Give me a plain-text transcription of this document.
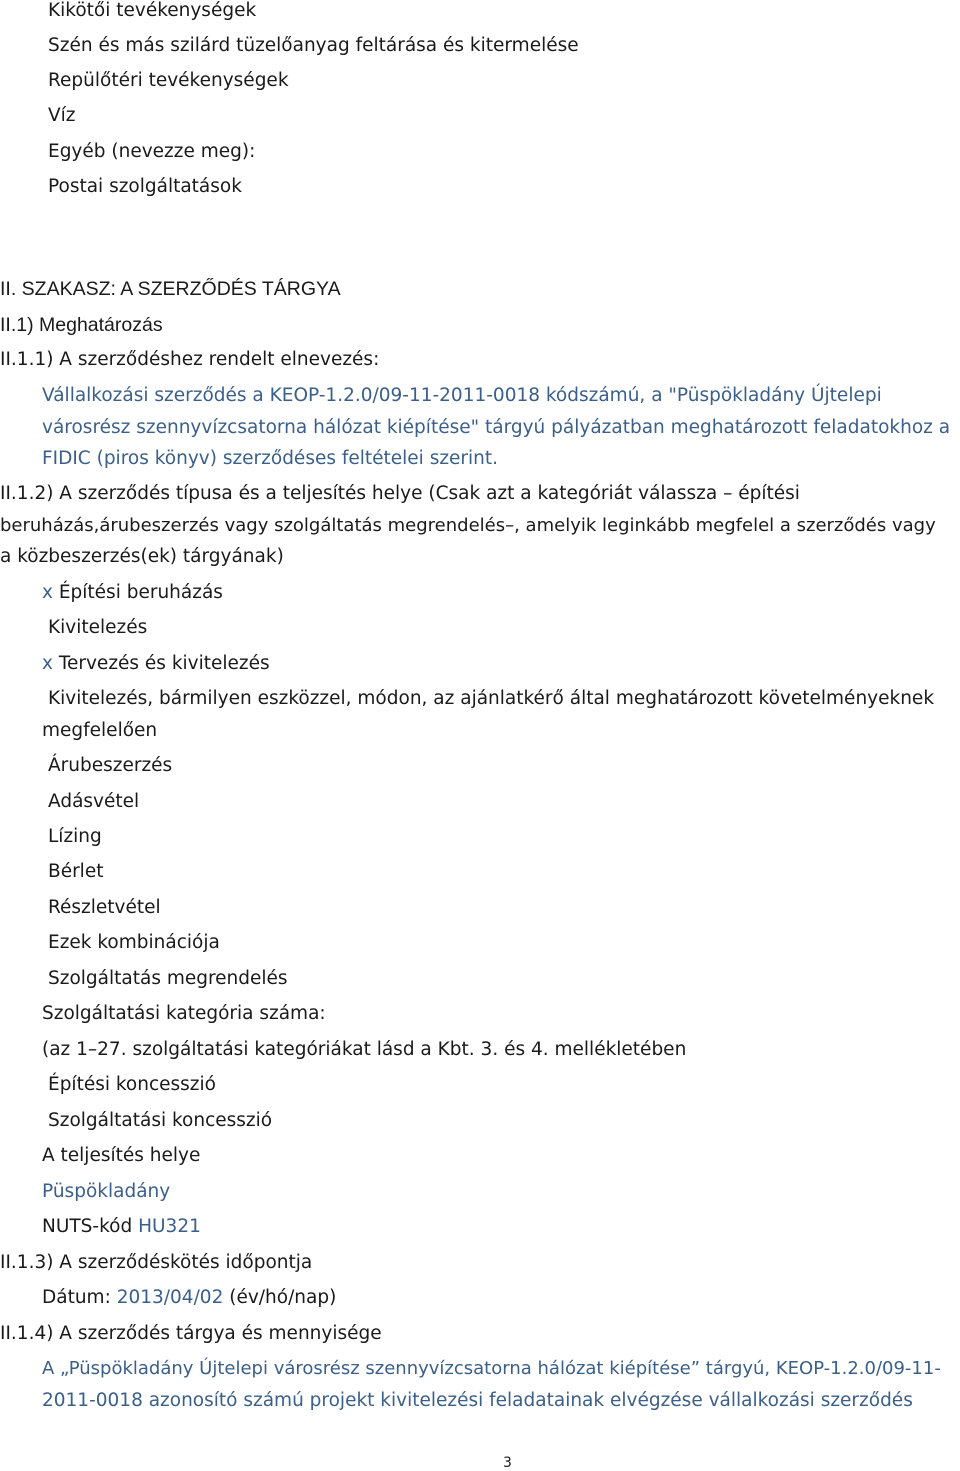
Kikötői tevékenységek
Szén és más szilárd tüzelőanyag feltárása és kitermelése
Repülőtéri tevékenységek
Víz
Egyéb (nevezze meg):
Postai szolgáltatások
II. SZAKASZ: A SZERZŐDÉS TÁRGYA
II.1) Meghatározás
II.1.1) A szerződéshez rendelt elnevezés:
Vállalkozási szerződés a KEOP-1.2.0/09-11-2011-0018 kódszámú, a "Püspökladány Újtelepi
városrész szennyvízcsatorna hálózat kiépítése" tárgyú pályázatban meghatározott feladatokhoz a
FIDIC (piros könyv) szerződéses feltételei szerint.
II.1.2) A szerződés típusa és a teljesítés helye (Csak azt a kategóriát válassza – építési
beruházás,árubeszerzés vagy szolgáltatás megrendelés–, amelyik leginkább megfelel a szerződés vagy
a közbeszerzés(ek) tárgyának)
x Építési beruházás
Kivitelezés
x Tervezés és kivitelezés
Kivitelezés, bármilyen eszközzel, módon, az ajánlatkérő által meghatározott követelményeknek
megfelelően
Árubeszerzés
Adásvétel
Lízing
Bérlet
Részletvétel
Ezek kombinációja
Szolgáltatás megrendelés
Szolgáltatási kategória száma:
(az 1–27. szolgáltatási kategóriákat lásd a Kbt. 3. és 4. mellékletében
Építési koncesszió
Szolgáltatási koncesszió
A teljesítés helye
Püspökladány
NUTS-kód HU321
II.1.3) A szerződéskötés időpontja
Dátum: 2013/04/02 (év/hó/nap)
II.1.4) A szerződés tárgya és mennyisége
A „Püspökladány Újtelepi városrész szennyvízcsatorna hálózat kiépítése” tárgyú, KEOP-1.2.0/09-11-
2011-0018 azonosító számú projekt kivitelezési feladatainak elvégzése vállalkozási szerződés
3
